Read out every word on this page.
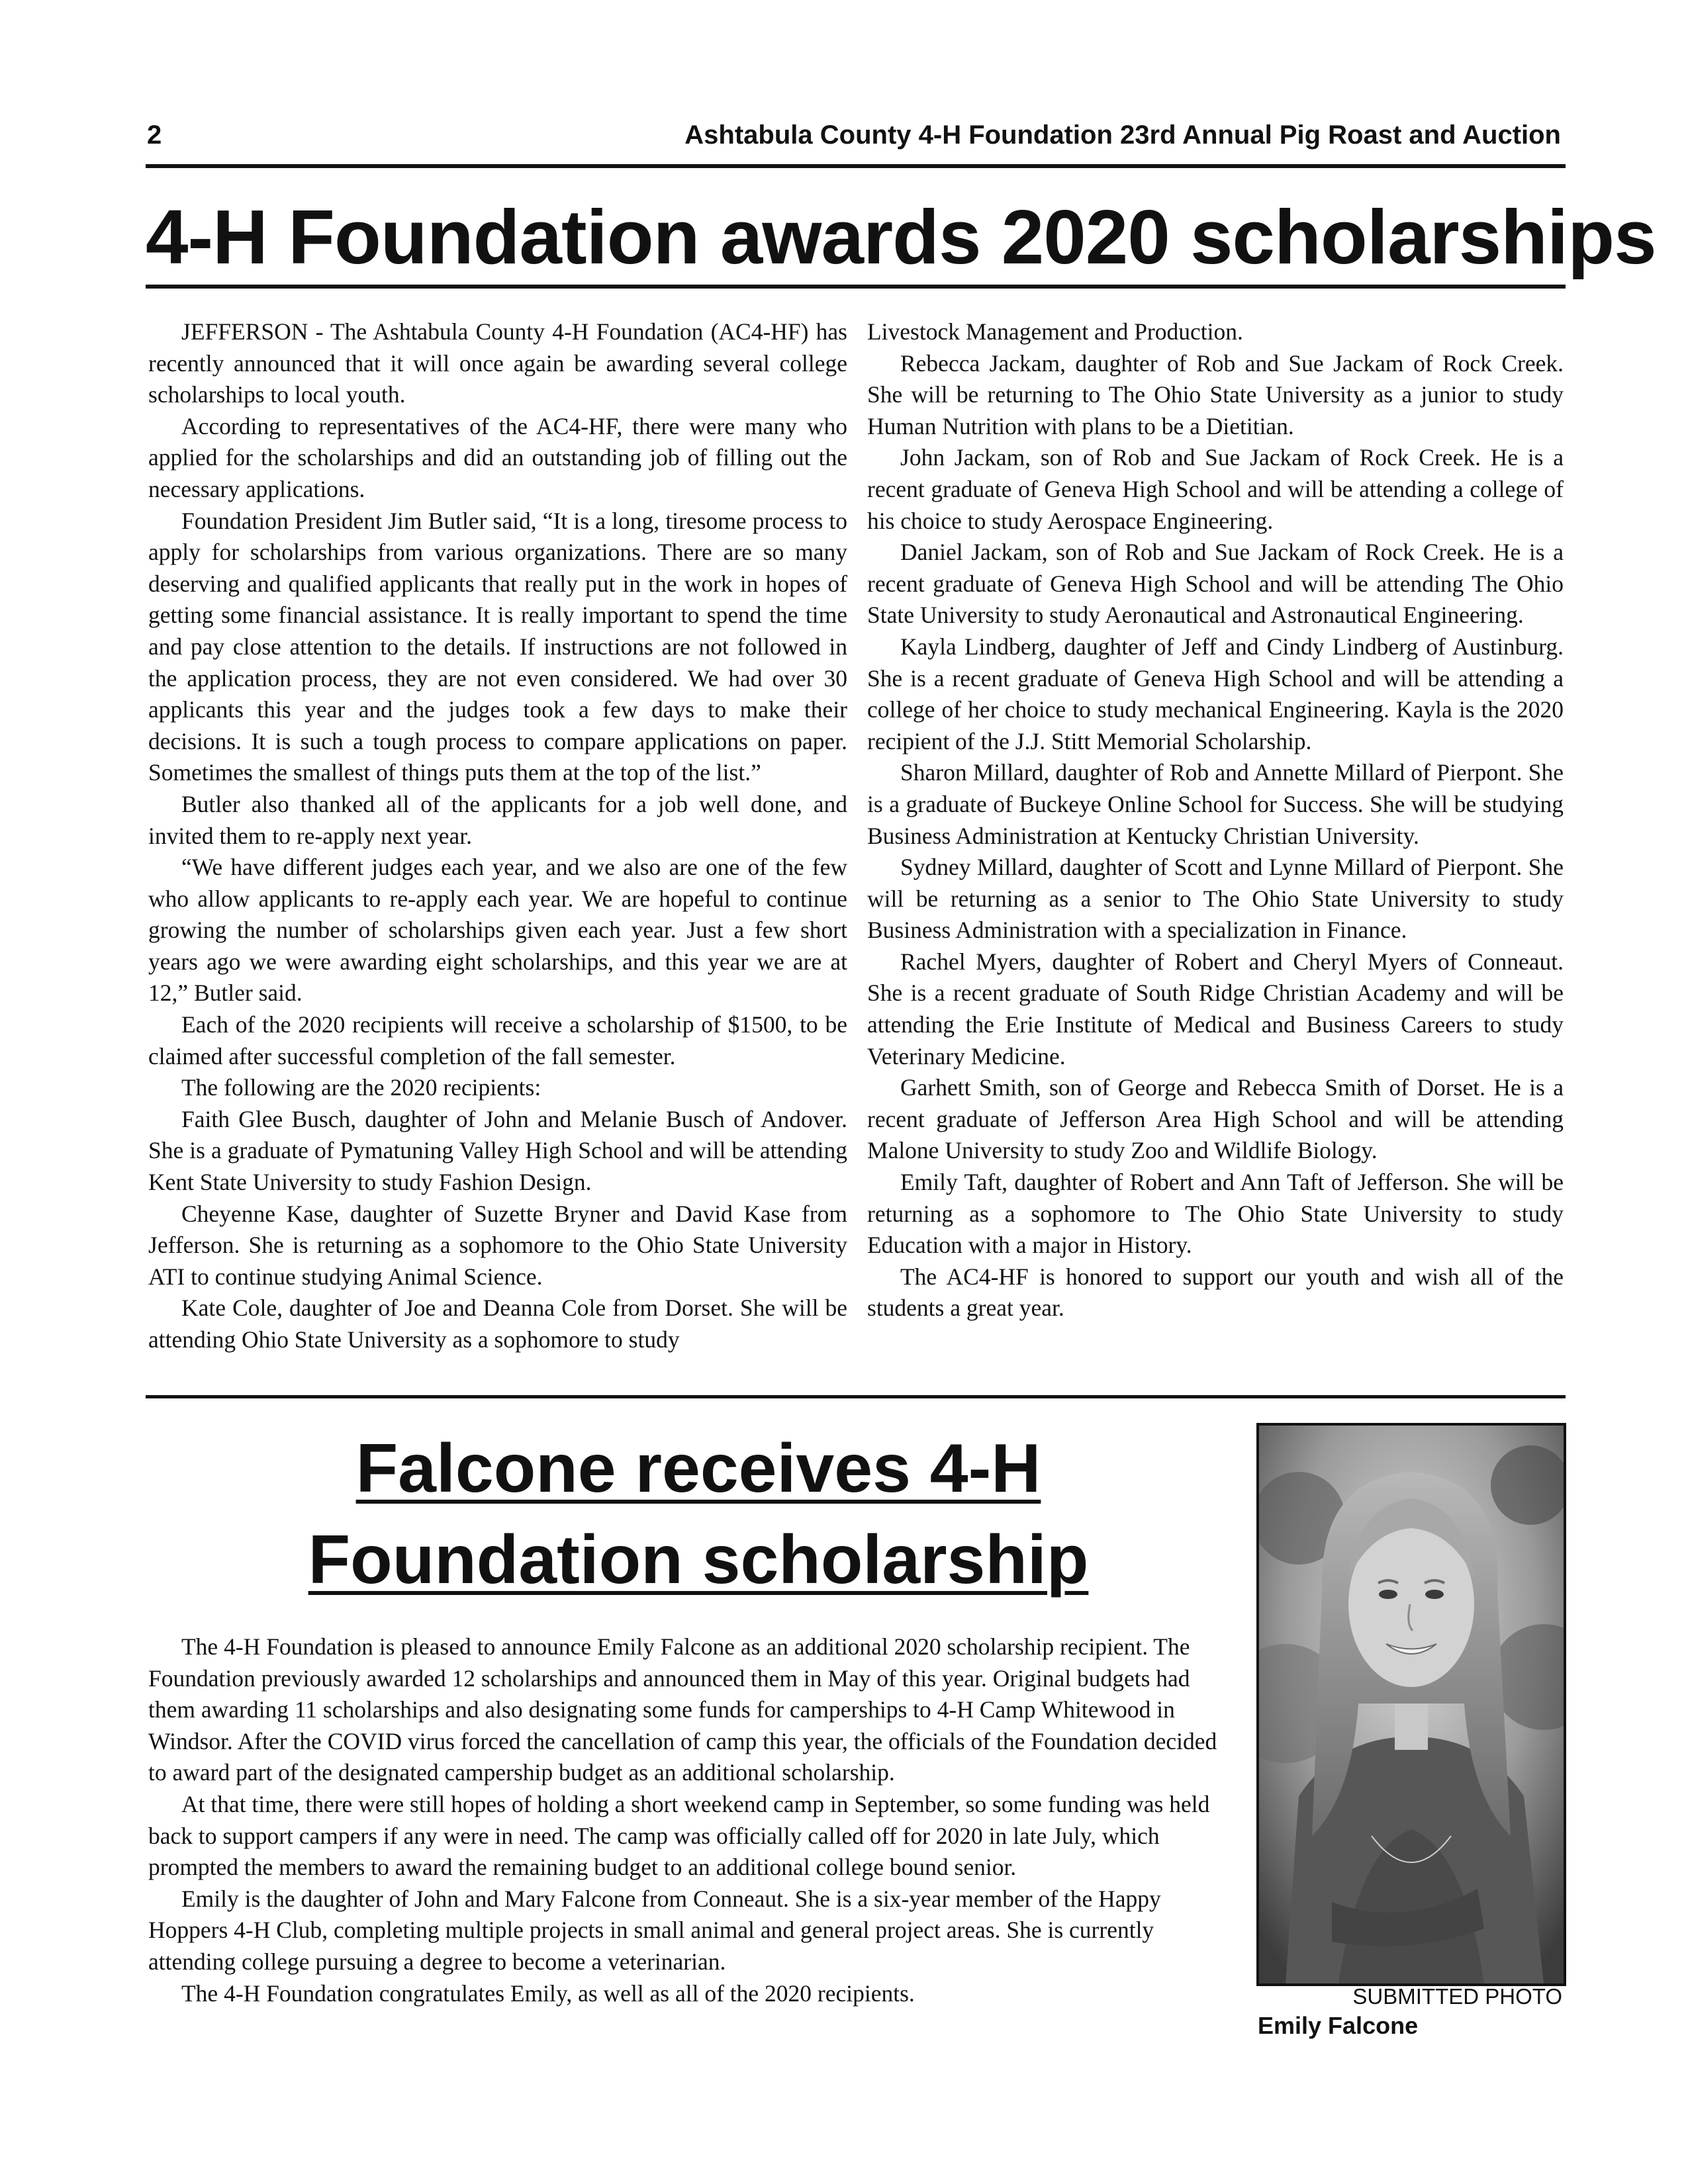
2	Ashtabula County 4-H Foundation 23rd Annual Pig Roast and Auction
4-H Foundation awards 2020 scholarships

JEFFERSON - The Ashtabula County 4-H Foundation (AC4-HF) has recently announced that it will once again be awarding several college scholarships to local youth.

According to representatives of the AC4-HF, there were many who applied for the scholarships and did an outstanding job of filling out the necessary applications.

Foundation President Jim Butler said, “It is a long, tiresome process to apply for scholarships from various organizations. There are so many deserving and qualified applicants that really put in the work in hopes of getting some financial assistance. It is really important to spend the time and pay close attention to the details. If instructions are not followed in the application process, they are not even considered. We had over 30 applicants this year and the judges took a few days to make their decisions. It is such a tough process to compare applications on paper. Sometimes the smallest of things puts them at the top of the list.”

Butler also thanked all of the applicants for a job well done, and invited them to re-apply next year.

“We have different judges each year, and we also are one of the few who allow applicants to re-apply each year. We are hopeful to continue growing the number of scholarships given each year. Just a few short years ago we were awarding eight scholarships, and this year we are at 12,” Butler said.

Each of the 2020 recipients will receive a scholarship of $1500, to be claimed after successful completion of the fall semester.

The following are the 2020 recipients:

Faith Glee Busch, daughter of John and Melanie Busch of Andover. She is a graduate of Pymatuning Valley High School and will be attending Kent State University to study Fashion Design.

Cheyenne Kase, daughter of Suzette Bryner and David Kase from Jefferson. She is returning as a sophomore to the Ohio State University ATI to continue studying Animal Science.

Kate Cole, daughter of Joe and Deanna Cole from Dorset. She will be attending Ohio State University as a sophomore to study

Livestock Management and Production.

Rebecca Jackam, daughter of Rob and Sue Jackam of Rock Creek. She will be returning to The Ohio State University as a junior to study Human Nutrition with plans to be a Dietitian.

John Jackam, son of Rob and Sue Jackam of Rock Creek. He is a recent graduate of Geneva High School and will be attending a college of his choice to study Aerospace Engineering.

Daniel Jackam, son of Rob and Sue Jackam of Rock Creek. He is a recent graduate of Geneva High School and will be attending The Ohio State University to study Aeronautical and Astronautical Engineering.

Kayla Lindberg, daughter of Jeff and Cindy Lindberg of Austinburg. She is a recent graduate of Geneva High School and will be attending a college of her choice to study mechanical Engineering. Kayla is the 2020 recipient of the J.J. Stitt Memorial Scholarship.

Sharon Millard, daughter of Rob and Annette Millard of Pierpont. She is a graduate of Buckeye Online School for Success. She will be studying Business Administration at Kentucky Christian University.

Sydney Millard, daughter of Scott and Lynne Millard of Pierpont. She will be returning as a senior to The Ohio State University to study Business Administration with a specialization in Finance.

Rachel Myers, daughter of Robert and Cheryl Myers of Conneaut. She is a recent graduate of South Ridge Christian Academy and will be attending the Erie Institute of Medical and Business Careers to study Veterinary Medicine.

Garhett Smith, son of George and Rebecca Smith of Dorset. He is a recent graduate of Jefferson Area High School and will be attending Malone University to study Zoo and Wildlife Biology.

Emily Taft, daughter of Robert and Ann Taft of Jefferson. She will be returning as a sophomore to The Ohio State University to study Education with a major in History.

The AC4-HF is honored to support our youth and wish all of the students a great year.

Falcone receives 4-H
Foundation scholarship

The 4-H Foundation is pleased to announce Emily Falcone as an additional 2020 scholarship recipient. The Foundation previously awarded 12 scholarships and announced them in May of this year. Original budgets had them awarding 11 scholarships and also designating some funds for camperships to 4-H Camp Whitewood in Windsor. After the COVID virus forced the cancellation of camp this year, the officials of the Foundation decided to award part of the designated campership budget as an additional scholarship.

At that time, there were still hopes of holding a short weekend camp in September, so some funding was held back to support campers if any were in need. The camp was officially called off for 2020 in late July, which prompted the members to award the remaining budget to an additional college bound senior.

Emily is the daughter of John and Mary Falcone from Conneaut. She is a six-year member of the Happy Hoppers 4-H Club, completing multiple projects in small animal and general project areas. She is currently attending college pursuing a degree to become a veterinarian.

The 4-H Foundation congratulates Emily, as well as all of the 2020 recipients.	SUBMITTED PHOTO
Emily Falcone
